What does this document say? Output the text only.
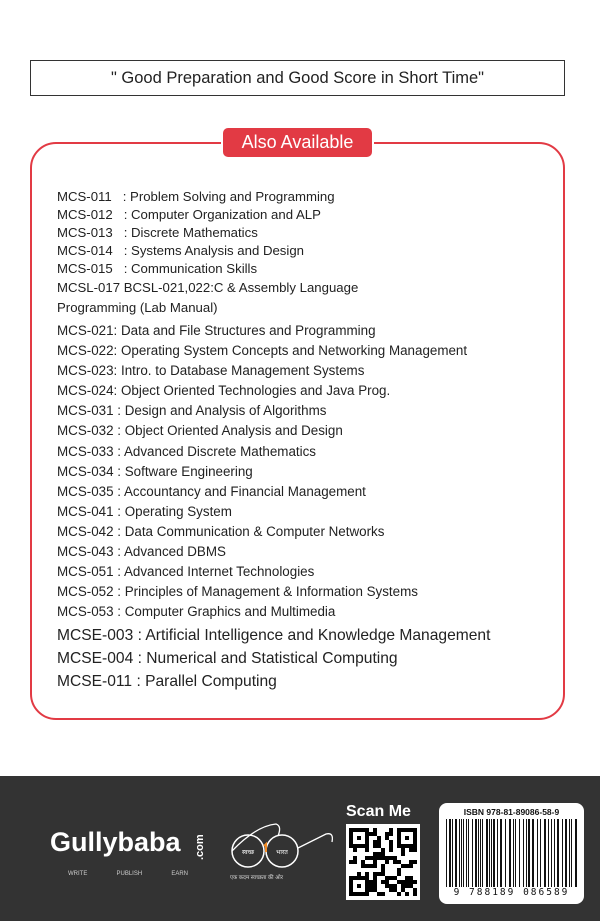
" Good Preparation and Good Score in Short Time"
Also Available
MCS-011   : Problem Solving and Programming
MCS-012   : Computer Organization and ALP
MCS-013   : Discrete Mathematics
MCS-014   : Systems Analysis and Design
MCS-015   : Communication Skills
MCSL-017 BCSL-021,022:C & Assembly Language
Programming (Lab Manual)
MCS-021: Data and File Structures and Programming
MCS-022: Operating System Concepts and Networking Management
MCS-023: Intro. to Database Management Systems
MCS-024: Object Oriented Technologies and Java Prog.
MCS-031 : Design and Analysis of Algorithms
MCS-032 : Object Oriented Analysis and Design
MCS-033 : Advanced Discrete Mathematics
MCS-034 : Software Engineering
MCS-035 : Accountancy and Financial Management
MCS-041 : Operating System
MCS-042 : Data Communication & Computer Networks
MCS-043 : Advanced DBMS
MCS-051 : Advanced Internet Technologies
MCS-052 : Principles of Management & Information Systems
MCS-053 : Computer Graphics and Multimedia
MCSE-003 : Artificial Intelligence and Knowledge Management
MCSE-004 : Numerical and Statistical Computing
MCSE-011 : Parallel Computing
Gullybaba .com
WRITE	PUBLISH	EARN
स्वच्छ	भारत
एक कदम स्वच्छता की ओर
Scan Me	ISBN 978-81-89086-58-9
9 788189 086589
